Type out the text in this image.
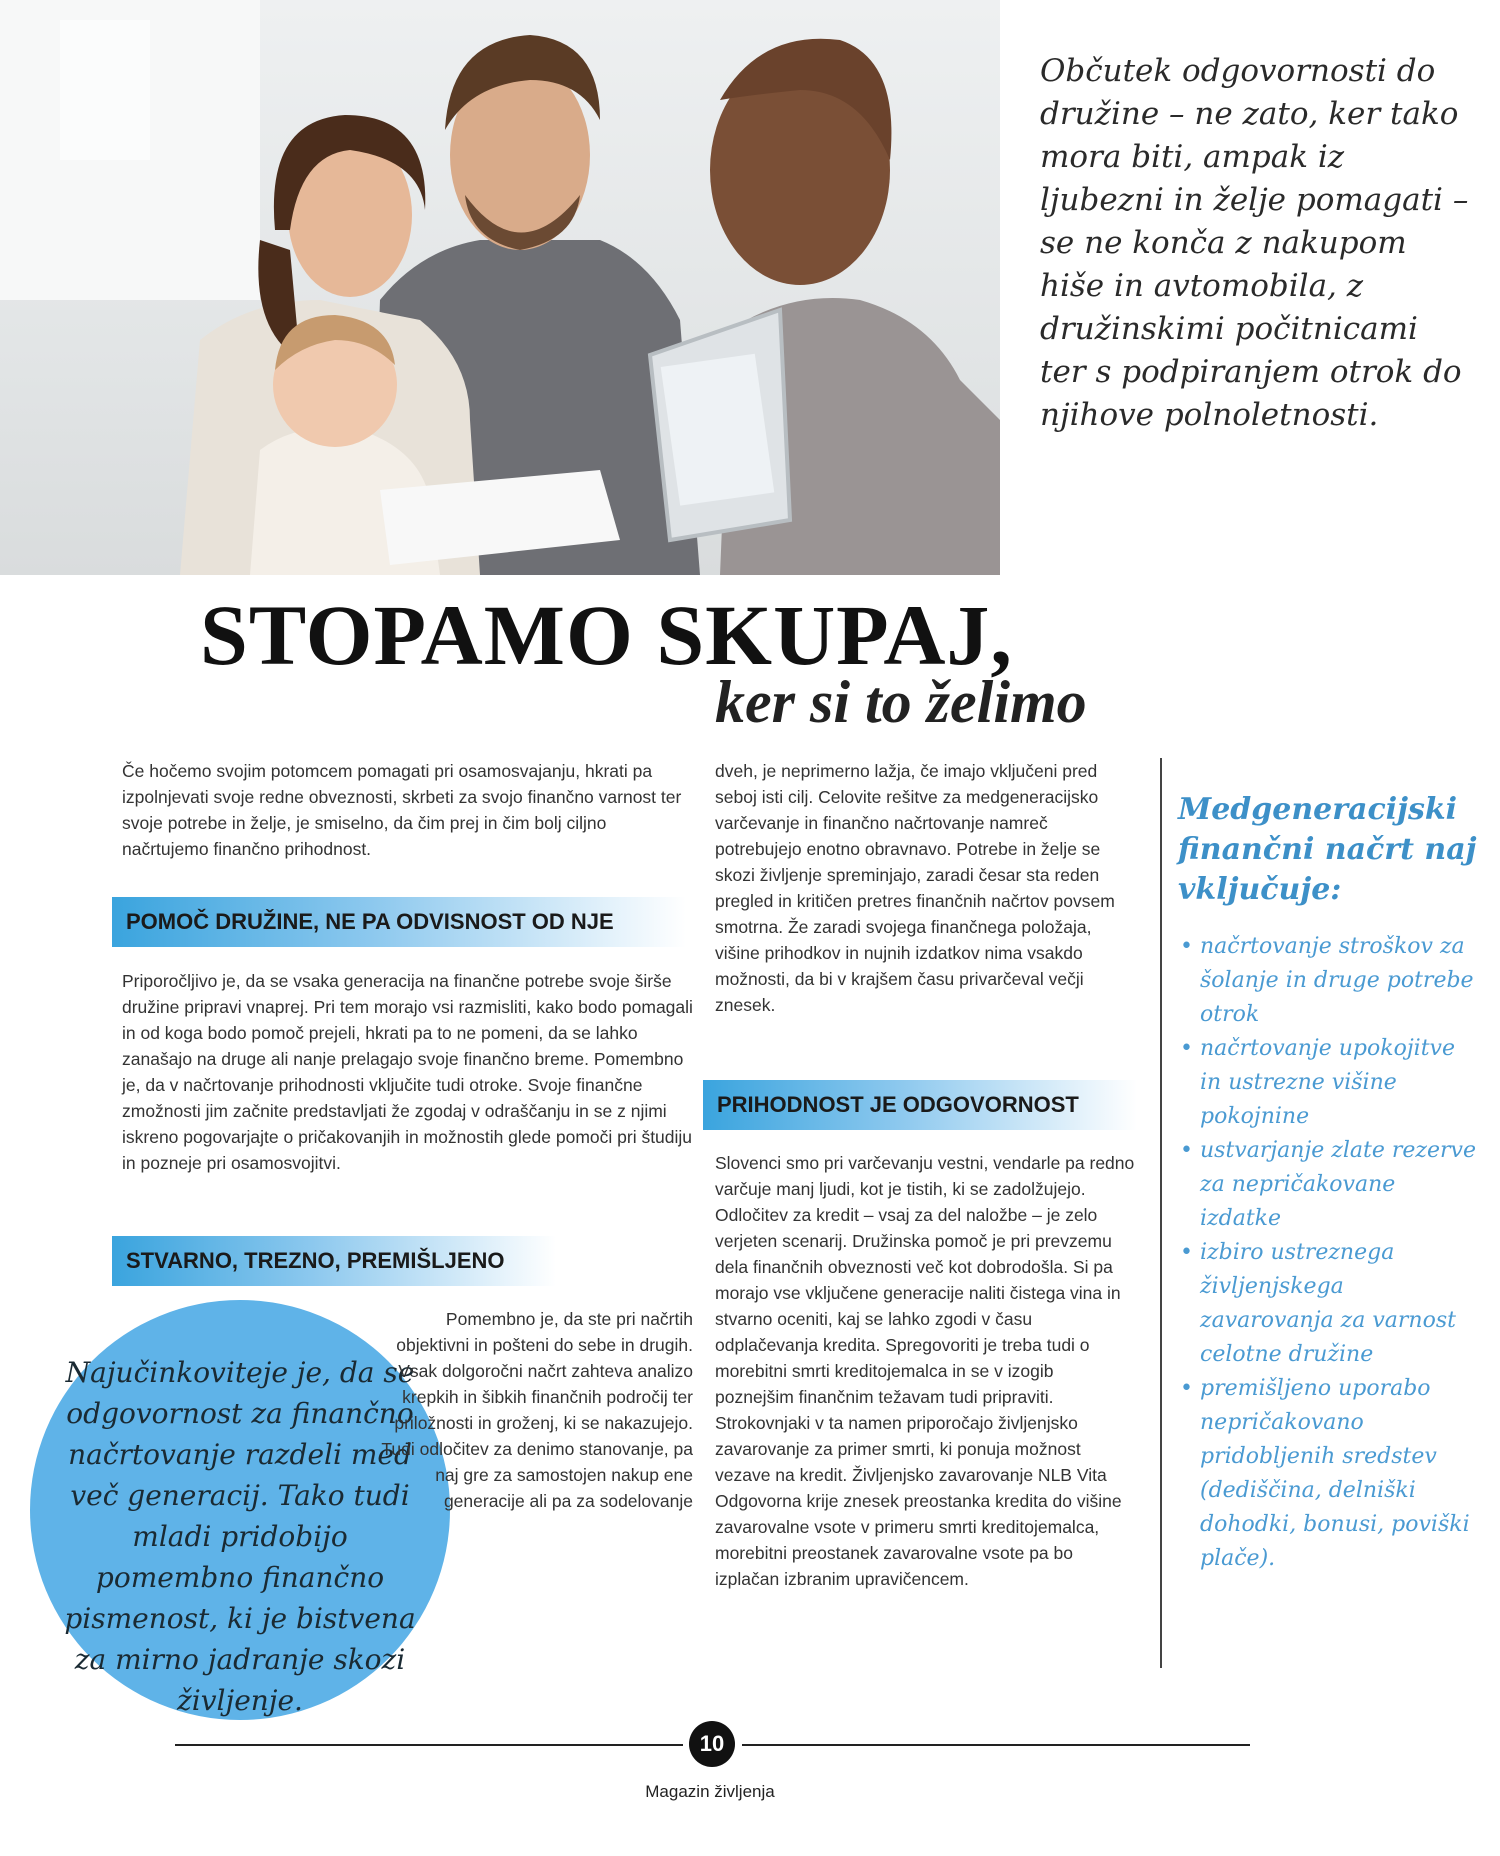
Občutek odgovornosti do družine – ne zato, ker tako mora biti, ampak iz ljubezni in želje pomagati – se ne konča z nakupom hiše in avtomobila, z družinskimi počitnicami ter s podpiranjem otrok do njihove polnoletnosti.

STOPAMO SKUPAJ,
ker si to želimo

Če hočemo svojim potomcem pomagati pri osamosvajanju, hkrati pa izpolnjevati svoje redne obveznosti, skrbeti za svojo finančno varnost ter svoje potrebe in želje, je smiselno, da čim prej in čim bolj ciljno načrtujemo finančno prihodnost.

POMOČ DRUŽINE, NE PA ODVISNOST OD NJE

Priporočljivo je, da se vsaka generacija na finančne potrebe svoje širše družine pripravi vnaprej. Pri tem morajo vsi razmisliti, kako bodo pomagali in od koga bodo pomoč prejeli, hkrati pa to ne pomeni, da se lahko zanašajo na druge ali nanje prelagajo svoje finančno breme. Pomembno je, da v načrtovanje prihodnosti vključite tudi otroke. Svoje finančne zmožnosti jim začnite predstavljati že zgodaj v odraščanju in se z njimi iskreno pogovarjajte o pričakovanjih in možnostih glede pomoči pri študiju in pozneje pri osamosvojitvi.

STVARNO, TREZNO, PREMIŠLJENO

Najučinkoviteje je, da se odgovornost za finančno načrtovanje razdeli med več generacij. Tako tudi mladi pridobijo pomembno finančno pismenost, ki je bistvena za mirno jadranje skozi življenje.

Pomembno je, da ste pri načrtih objektivni in pošteni do sebe in drugih. Vsak dolgoročni načrt zahteva analizo krepkih in šibkih finančnih področij ter priložnosti in groženj, ki se nakazujejo. Tudi odločitev za denimo stanovanje, pa naj gre za samostojen nakup ene generacije ali pa za sodelovanje

dveh, je neprimerno lažja, če imajo vključeni pred seboj isti cilj. Celovite rešitve za medgeneracijsko varčevanje in finančno načrtovanje namreč potrebujejo enotno obravnavo. Potrebe in želje se skozi življenje spreminjajo, zaradi česar sta reden pregled in kritičen pretres finančnih načrtov povsem smotrna. Že zaradi svojega finančnega položaja, višine prihodkov in nujnih izdatkov nima vsakdo možnosti, da bi v krajšem času privarčeval večji znesek.

PRIHODNOST JE ODGOVORNOST

Slovenci smo pri varčevanju vestni, vendarle pa redno varčuje manj ljudi, kot je tistih, ki se zadolžujejo. Odločitev za kredit – vsaj za del naložbe – je zelo verjeten scenarij. Družinska pomoč je pri prevzemu dela finančnih obveznosti več kot dobrodošla. Si pa morajo vse vključene generacije naliti čistega vina in stvarno oceniti, kaj se lahko zgodi v času odplačevanja kredita. Spregovoriti je treba tudi o morebitni smrti kreditojemalca in se v izogib poznejšim finančnim težavam tudi pripraviti. Strokovnjaki v ta namen priporočajo življenjsko zavarovanje za primer smrti, ki ponuja možnost vezave na kredit. Življenjsko zavarovanje NLB Vita Odgovorna krije znesek preostanka kredita do višine zavarovalne vsote v primeru smrti kreditojemalca, morebitni preostanek zavarovalne vsote pa bo izplačan izbranim upravičencem.

Medgeneracijski finančni načrt naj vključuje:
• načrtovanje stroškov za šolanje in druge potrebe otrok
• načrtovanje upokojitve in ustrezne višine pokojnine
• ustvarjanje zlate rezerve za nepričakovane izdatke
• izbiro ustreznega življenjskega zavarovanja za varnost celotne družine
• premišljeno uporabo nepričakovano pridobljenih sredstev (dediščina, delniški dohodki, bonusi, poviški plače).
10
Magazin življenja
